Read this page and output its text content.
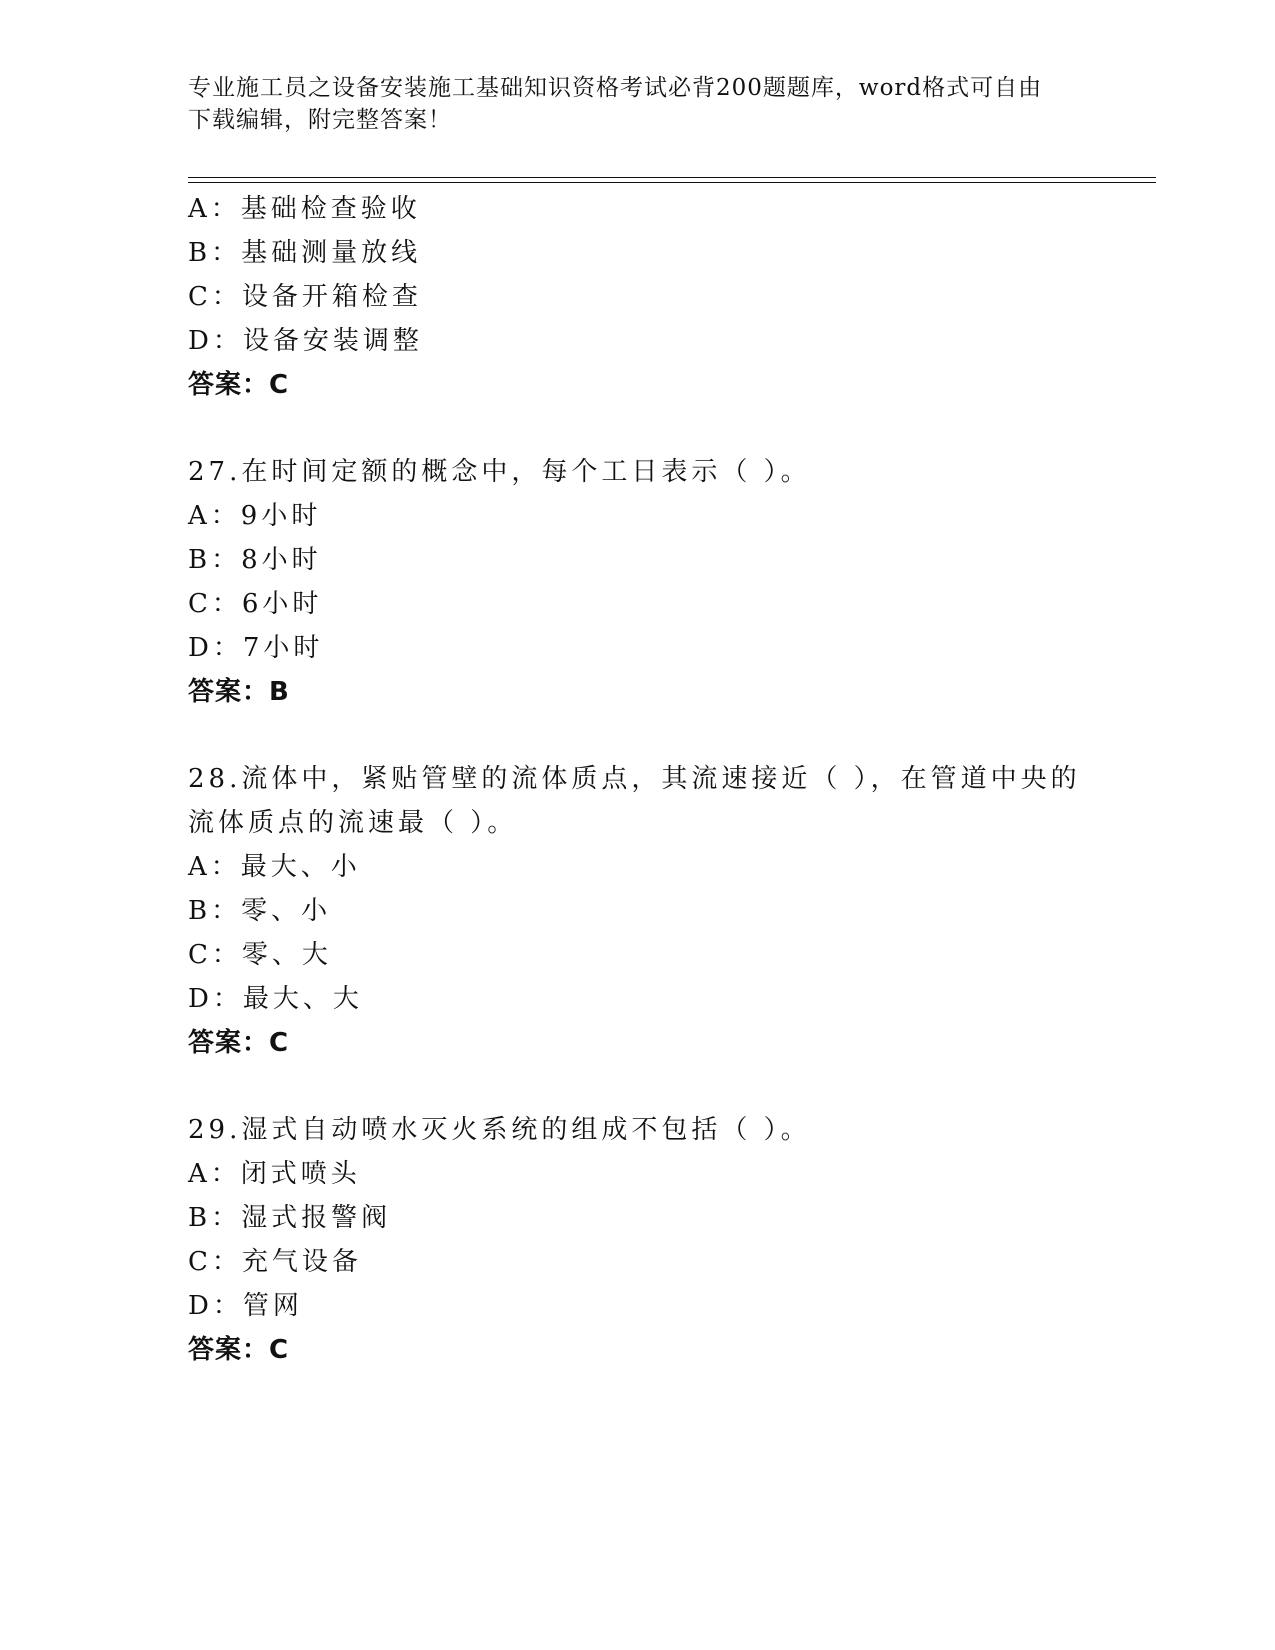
专业施工员之设备安装施工基础知识资格考试必背200题题库，word格式可自由
下载编辑，附完整答案！
A：基础检查验收
B：基础测量放线
C：设备开箱检查
D：设备安装调整
答案：C
27.在时间定额的概念中，每个工日表示（ ）。
A：9小时
B：8小时
C：6小时
D：7小时
答案：B
28.流体中，紧贴管壁的流体质点，其流速接近（ ），在管道中央的
流体质点的流速最（ ）。
A：最大、小
B：零、小
C：零、大
D：最大、大
答案：C
29.湿式自动喷水灭火系统的组成不包括（ ）。
A：闭式喷头
B：湿式报警阀
C：充气设备
D：管网
答案：C
